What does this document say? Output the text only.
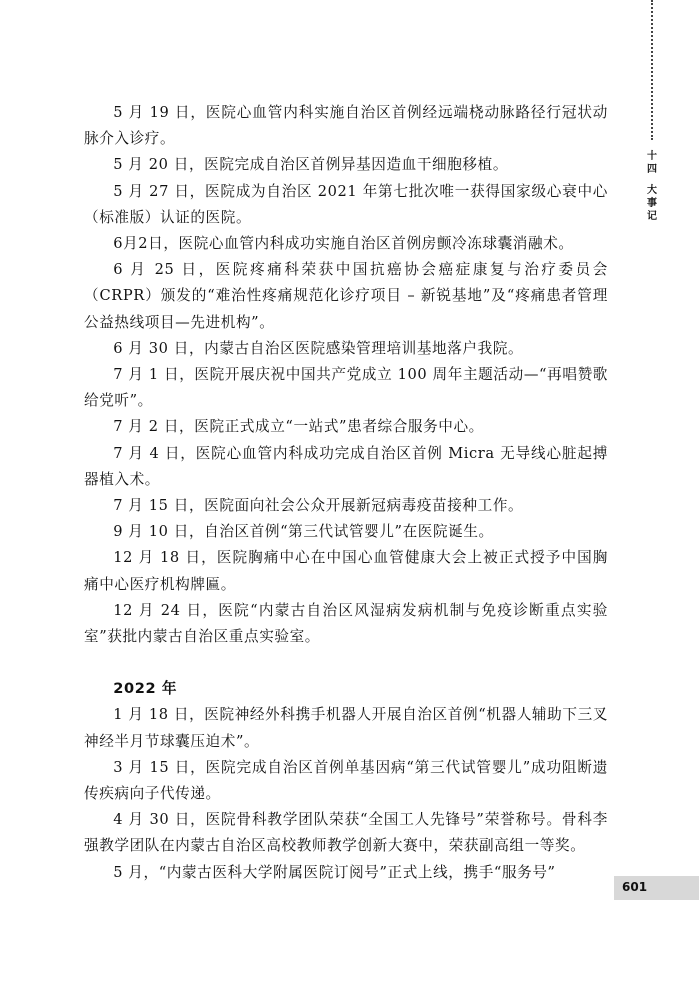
十四
大事记

5 月 19 日，医院心血管内科实施自治区首例经远端桡动脉路径行冠状动脉介入诊疗。

5 月 20 日，医院完成自治区首例异基因造血干细胞移植。

5 月 27 日，医院成为自治区 2021 年第七批次唯一获得国家级心衰中心（标准版）认证的医院。

6月2日，医院心血管内科成功实施自治区首例房颤冷冻球囊消融术。

6 月 25 日，医院疼痛科荣获中国抗癌协会癌症康复与治疗委员会（CRPR）颁发的“难治性疼痛规范化诊疗项目 – 新锐基地”及“疼痛患者管理公益热线项目—先进机构”。

6 月 30 日，内蒙古自治区医院感染管理培训基地落户我院。

7 月 1 日，医院开展庆祝中国共产党成立 100 周年主题活动—“再唱赞歌给党听”。

7 月 2 日，医院正式成立“一站式”患者综合服务中心。

7 月 4 日，医院心血管内科成功完成自治区首例 Micra 无导线心脏起搏器植入术。

7 月 15 日，医院面向社会公众开展新冠病毒疫苗接种工作。

9 月 10 日，自治区首例“第三代试管婴儿”在医院诞生。

12 月 18 日，医院胸痛中心在中国心血管健康大会上被正式授予中国胸痛中心医疗机构牌匾。

12 月 24 日，医院“内蒙古自治区风湿病发病机制与免疫诊断重点实验室”获批内蒙古自治区重点实验室。

2022 年

1 月 18 日，医院神经外科携手机器人开展自治区首例“机器人辅助下三叉神经半月节球囊压迫术”。

3 月 15 日，医院完成自治区首例单基因病“第三代试管婴儿”成功阻断遗传疾病向子代传递。

4 月 30 日，医院骨科教学团队荣获“全国工人先锋号”荣誉称号。骨科李强教学团队在内蒙古自治区高校教师教学创新大赛中，荣获副高组一等奖。

5 月，“内蒙古医科大学附属医院订阅号”正式上线，携手“服务号”

601
